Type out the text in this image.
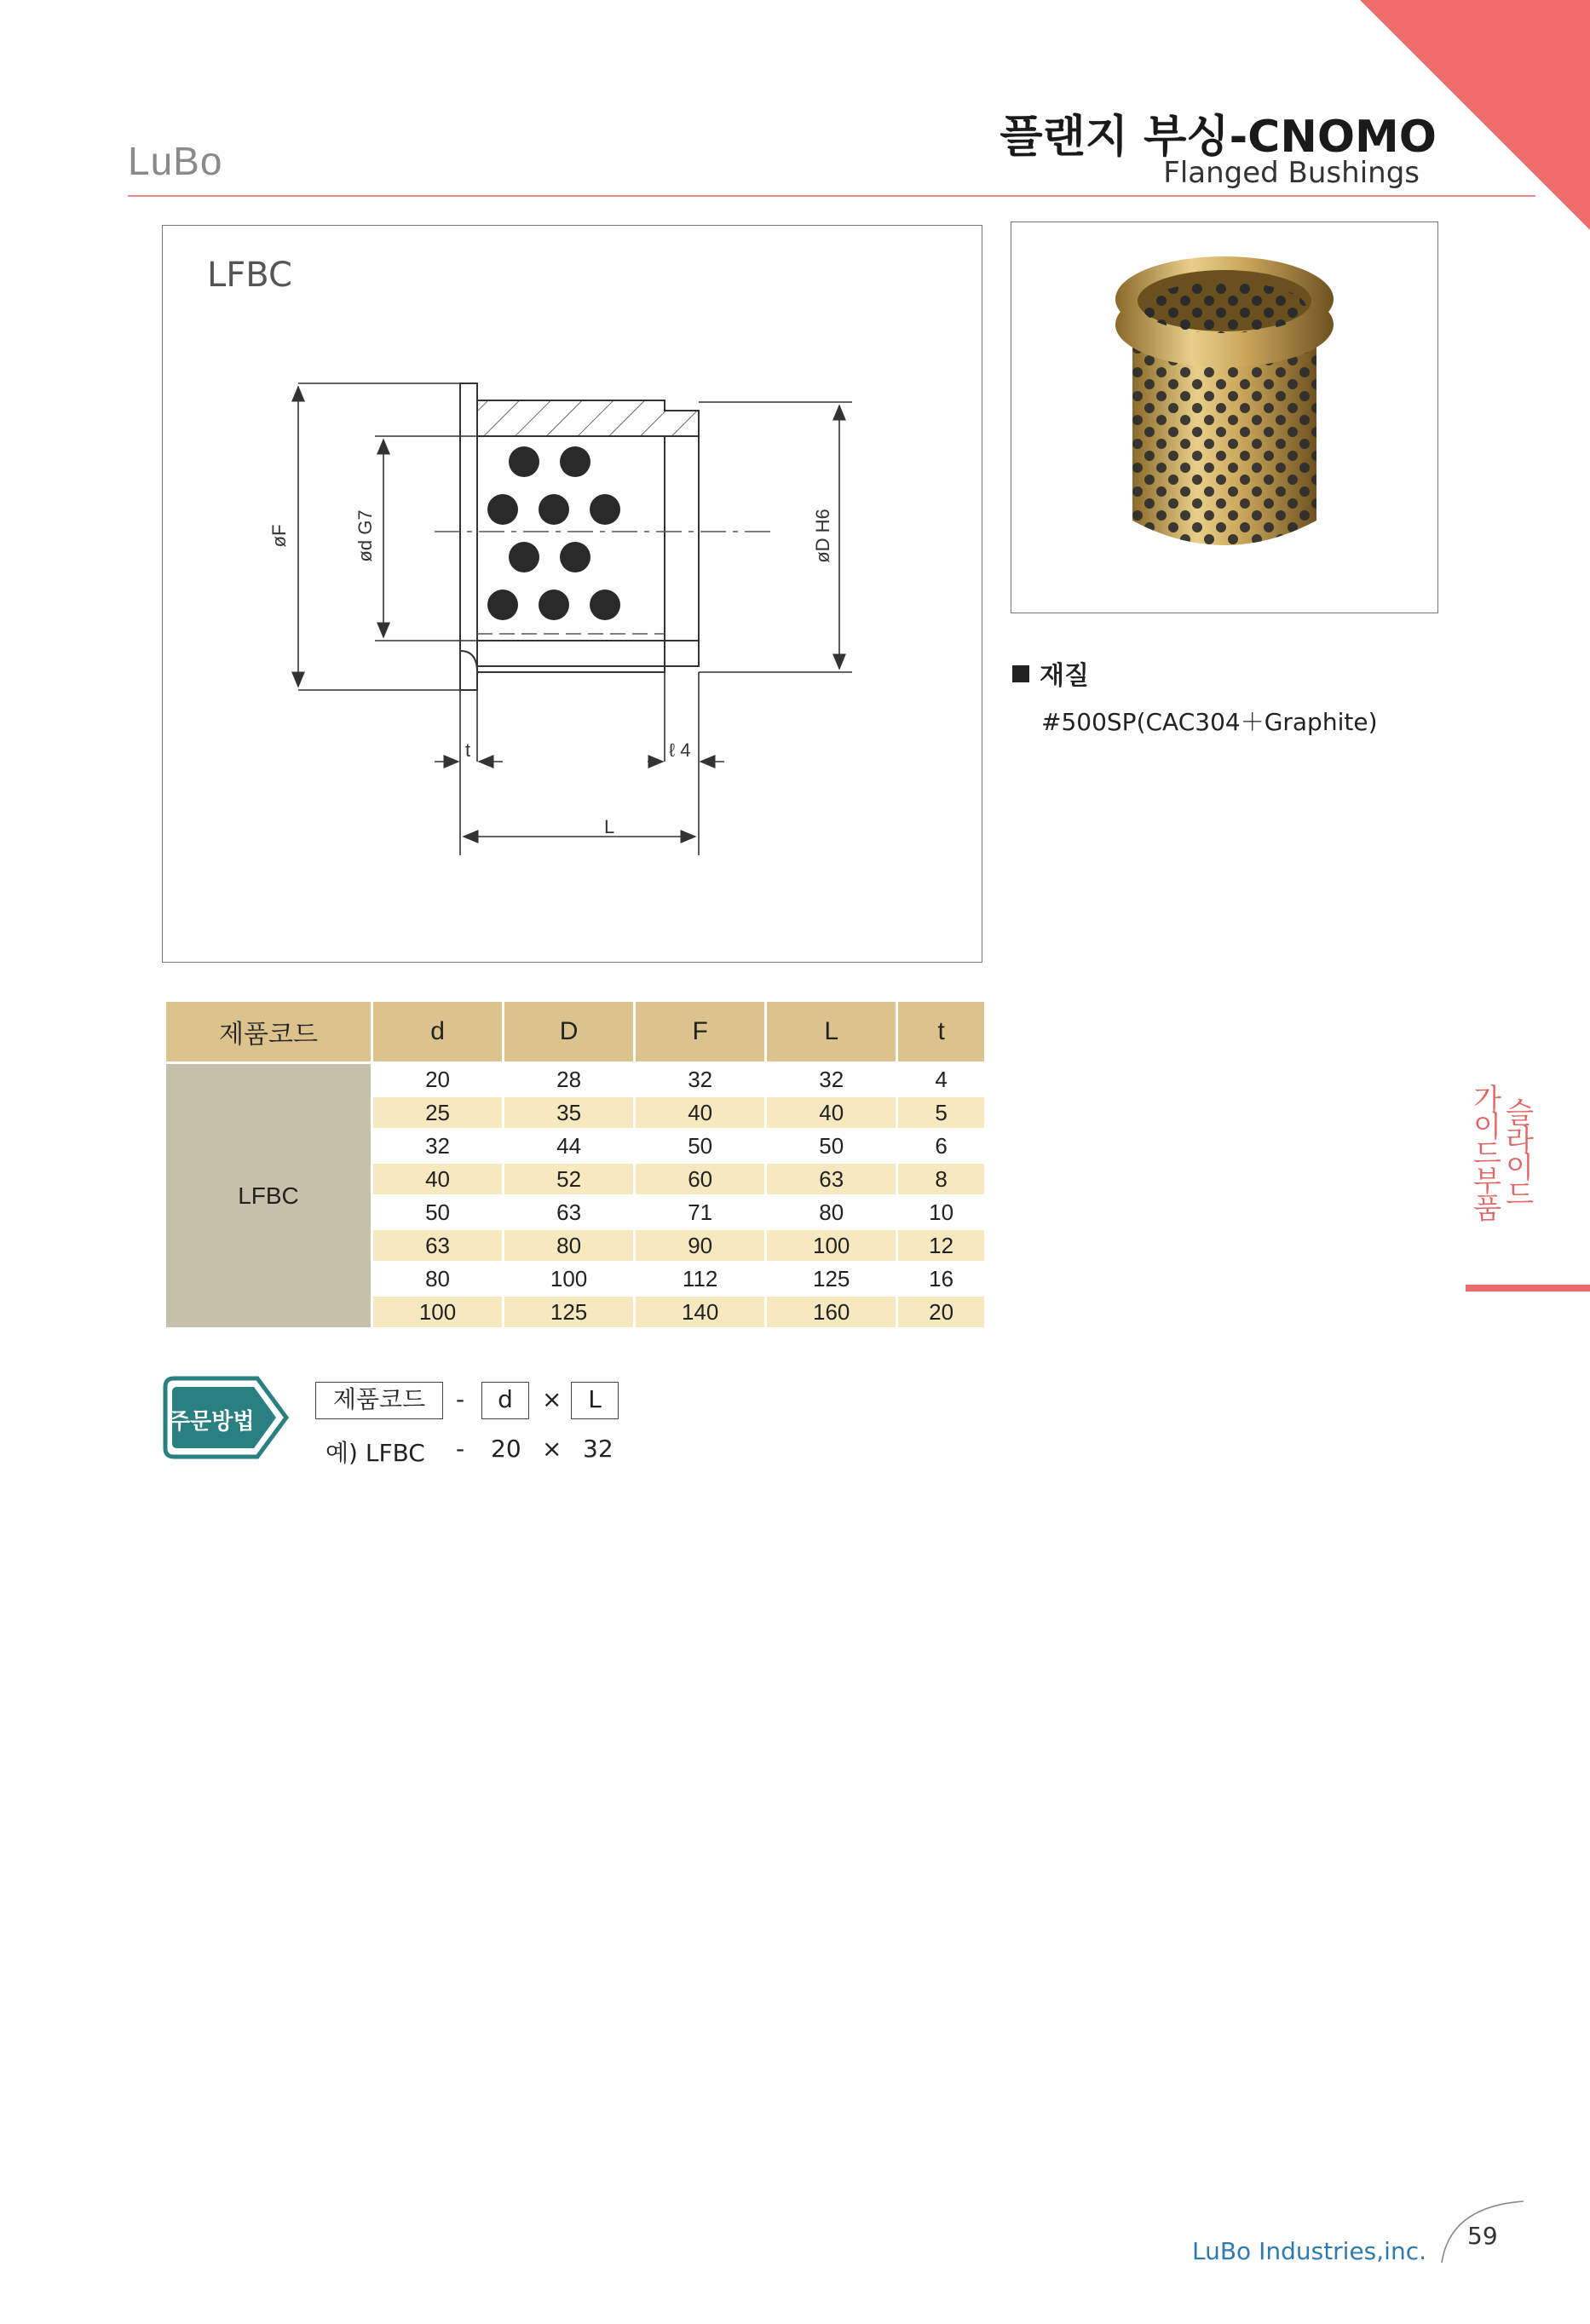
LuBo	플랜지 부싱-CNOMO
Flanged Bushings
LFBC
øF	ød G7	øD H6
t	ℓ 4
L
재질
#500SP(CAC304＋Graphite)
제품코드	d	D	F	L	t
LFBC	20	28	32	32	4
	25	35	40	40	5
	32	44	50	50	6
	40	52	60	63	8
	50	63	71	80	10
	63	80	90	100	12
	80	100	112	125	16
	100	125	140	160	20
가이드부품
슬라이드
주문방법
제품코드	-	d	×	L
예) LFBC - 20 × 32
LuBo Industries,inc.
59
